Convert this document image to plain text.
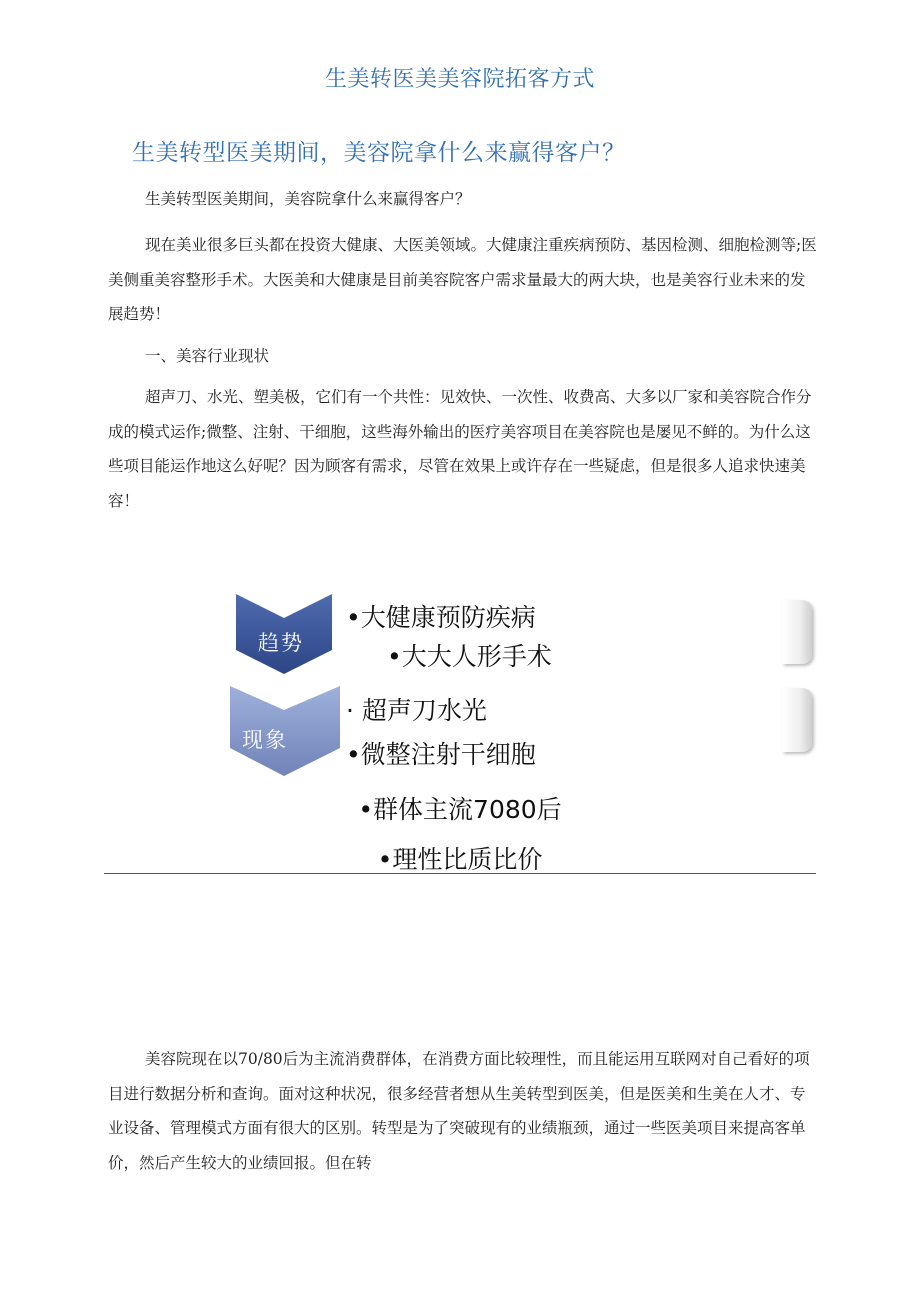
生美转医美美容院拓客方式
生美转型医美期间，美容院拿什么来赢得客户？

生美转型医美期间，美容院拿什么来赢得客户？

现在美业很多巨头都在投资大健康、大医美领域。大健康注重疾病预防、基因检测、细胞检测等;医美侧重美容整形手术。大医美和大健康是目前美容院客户需求量最大的两大块，也是美容行业未来的发展趋势！

一、美容行业现状

超声刀、水光、塑美极，它们有一个共性：见效快、一次性、收费高、大多以厂家和美容院合作分成的模式运作;微整、注射、干细胞，这些海外输出的医疗美容项目在美容院也是屡见不鲜的。为什么这些项目能运作地这么好呢？因为顾客有需求，尽管在效果上或许存在一些疑虑，但是很多人追求快速美容！

趋势
现象
•大健康预防疾病
•大大人形手术
· 超声刀水光
•微整注射干细胞
•群体主流7080后
•理性比质比价

美容院现在以70/80后为主流消费群体，在消费方面比较理性，而且能运用互联网对自己看好的项目进行数据分析和查询。面对这种状况，很多经营者想从生美转型到医美，但是医美和生美在人才、专业设备、管理模式方面有很大的区别。转型是为了突破现有的业绩瓶颈，通过一些医美项目来提高客单价，然后产生较大的业绩回报。但在转
